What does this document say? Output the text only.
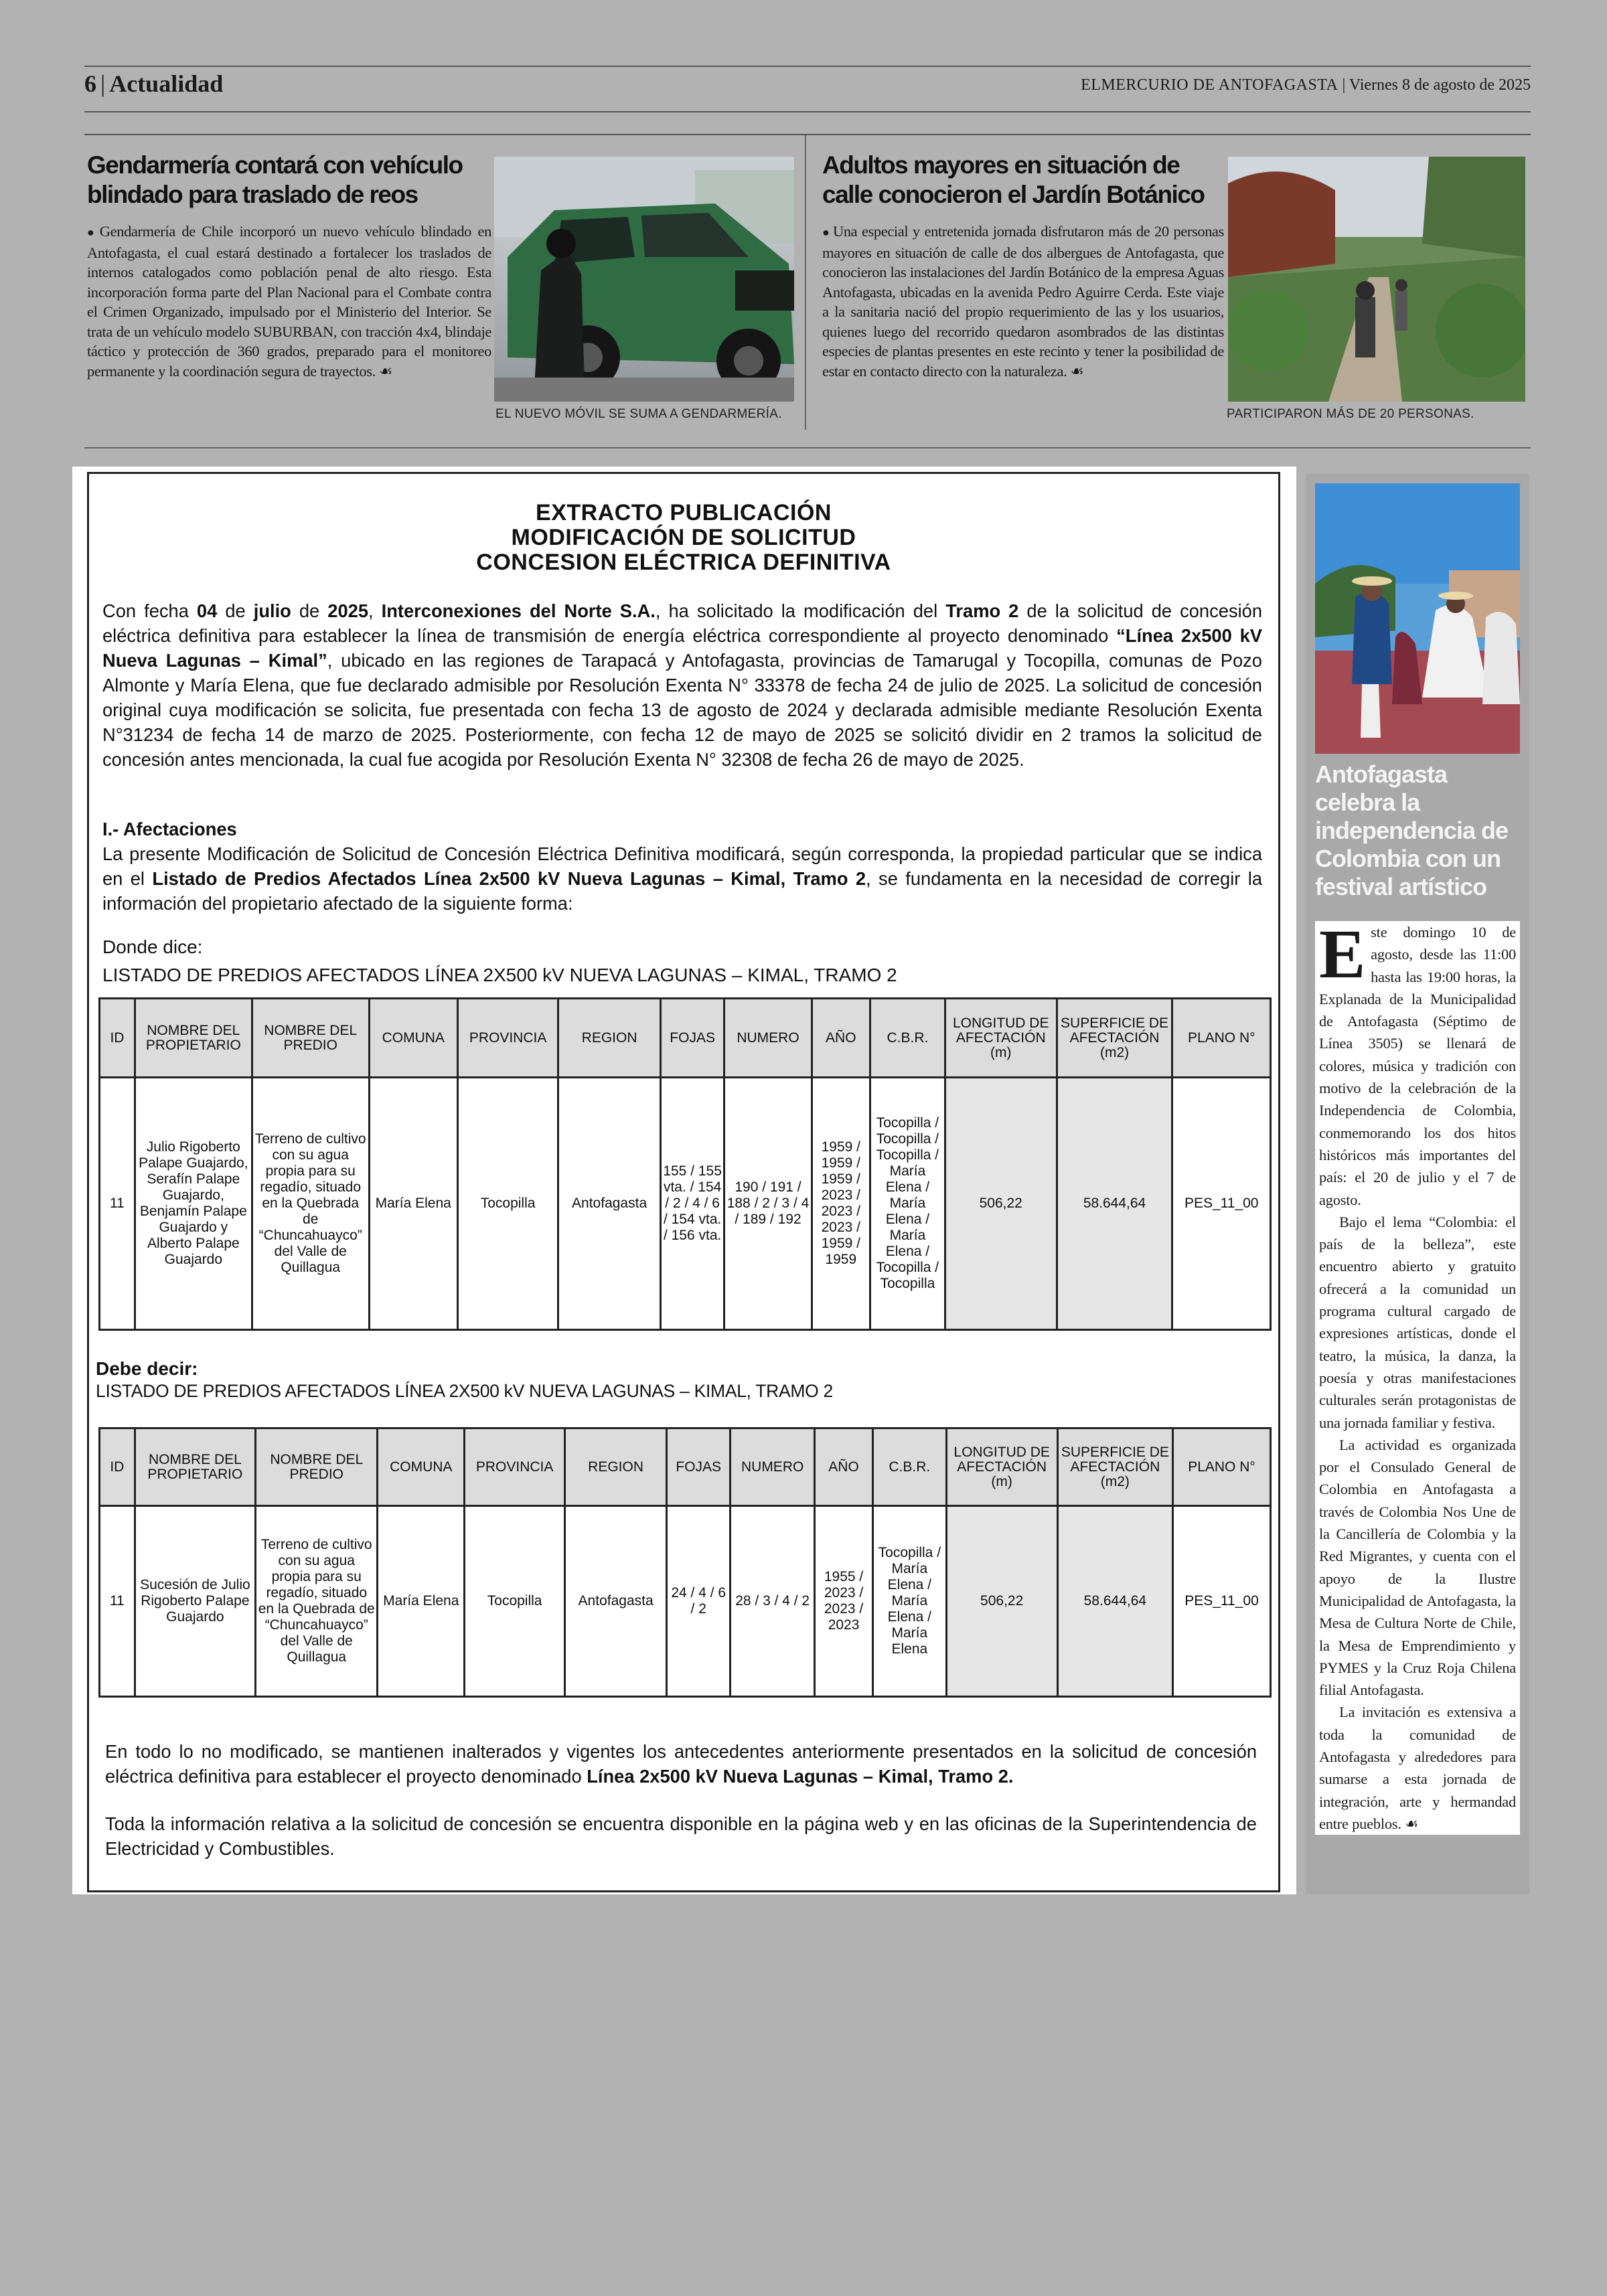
6 | Actualidad	ELMERCURIO DE ANTOFAGASTA | Viernes 8 de agosto de 2025
Gendarmería contará con vehículo
blindado para traslado de reos

● Gendarmería de Chile incorporó un nuevo vehículo blindado en Antofagasta, el cual estará destinado a fortalecer los traslados de internos catalogados como población penal de alto riesgo. Esta incorporación forma parte del Plan Nacional para el Combate contra el Crimen Organizado, impulsado por el Ministerio del Interior. Se trata de un vehículo modelo SUBURBAN, con tracción 4x4, blindaje táctico y protección de 360 grados, preparado para el monitoreo permanente y la coordinación segura de trayectos. ☙

EL NUEVO MÓVIL SE SUMA A GENDARMERÍA.
Adultos mayores en situación de
calle conocieron el Jardín Botánico

● Una especial y entretenida jornada disfrutaron más de 20 personas mayores en situación de calle de dos albergues de Antofagasta, que conocieron las instalaciones del Jardín Botánico de la empresa Aguas Antofagasta, ubicadas en la avenida Pedro Aguirre Cerda. Este viaje a la sanitaria nació del propio requerimiento de las y los usuarios, quienes luego del recorrido quedaron asombrados de las distintas especies de plantas presentes en este recinto y tener la posibilidad de estar en contacto directo con la naturaleza. ☙

PARTICIPARON MÁS DE 20 PERSONAS.
EXTRACTO PUBLICACIÓN
MODIFICACIÓN DE SOLICITUD
CONCESION ELÉCTRICA DEFINITIVA

Con fecha 04 de julio de 2025, Interconexiones del Norte S.A., ha solicitado la modificación del Tramo 2 de la solicitud de concesión eléctrica definitiva para establecer la línea de transmisión de energía eléctrica correspondiente al proyecto denominado “Línea 2x500 kV Nueva Lagunas – Kimal”, ubicado en las regiones de Tarapacá y Antofagasta, provincias de Tamarugal y Tocopilla, comunas de Pozo Almonte y María Elena, que fue declarado admisible por Resolución Exenta N° 33378 de fecha 24 de julio de 2025. La solicitud de concesión original cuya modificación se solicita, fue presentada con fecha 13 de agosto de 2024 y declarada admisible mediante Resolución Exenta N°31234 de fecha 14 de marzo de 2025. Posteriormente, con fecha 12 de mayo de 2025 se solicitó dividir en 2 tramos la solicitud de concesión antes mencionada, la cual fue acogida por Resolución Exenta N° 32308 de fecha 26 de mayo de 2025.

I.- Afectaciones

La presente Modificación de Solicitud de Concesión Eléctrica Definitiva modificará, según corresponda, la propiedad particular que se indica en el Listado de Predios Afectados Línea 2x500 kV Nueva Lagunas – Kimal, Tramo 2, se fundamenta en la necesidad de corregir la información del propietario afectado de la siguiente forma:

Donde dice:
LISTADO DE PREDIOS AFECTADOS LÍNEA 2X500 kV NUEVA LAGUNAS – KIMAL, TRAMO 2
ID	NOMBRE DEL PROPIETARIO	NOMBRE DEL PREDIO	COMUNA	PROVINCIA	REGION	FOJAS	NUMERO	AÑO	C.B.R.	LONGITUD DE AFECTACIÓN (m)	SUPERFICIE DE AFECTACIÓN (m2)	PLANO N°
11	Julio Rigoberto Palape Guajardo, Serafín Palape Guajardo, Benjamín Palape Guajardo y Alberto Palape Guajardo	Terreno de cultivo con su agua propia para su regadío, situado en la Quebrada de “Chuncahuayco” del Valle de Quillagua	María Elena	Tocopilla	Antofagasta	155 / 155 vta. / 154 / 2 / 4 / 6 / 154 vta. / 156 vta.	190 / 191 / 188 / 2 / 3 / 4 / 189 / 192	1959 / 1959 / 1959 / 2023 / 2023 / 2023 / 1959 / 1959	Tocopilla / Tocopilla / Tocopilla / María Elena / María Elena / María Elena / Tocopilla / Tocopilla	506,22	58.644,64	PES_11_00
Debe decir:
LISTADO DE PREDIOS AFECTADOS LÍNEA 2X500 kV NUEVA LAGUNAS – KIMAL, TRAMO 2
ID	NOMBRE DEL PROPIETARIO	NOMBRE DEL PREDIO	COMUNA	PROVINCIA	REGION	FOJAS	NUMERO	AÑO	C.B.R.	LONGITUD DE AFECTACIÓN (m)	SUPERFICIE DE AFECTACIÓN (m2)	PLANO N°
11	Sucesión de Julio Rigoberto Palape Guajardo	Terreno de cultivo con su agua propia para su regadío, situado en la Quebrada de “Chuncahuayco” del Valle de Quillagua	María Elena	Tocopilla	Antofagasta	24 / 4 / 6 / 2	28 / 3 / 4 / 2	1955 / 2023 / 2023 / 2023	Tocopilla / María Elena / María Elena / María Elena	506,22	58.644,64	PES_11_00

En todo lo no modificado, se mantienen inalterados y vigentes los antecedentes anteriormente presentados en la solicitud de concesión eléctrica definitiva para establecer el proyecto denominado Línea 2x500 kV Nueva Lagunas – Kimal, Tramo 2.

Toda la información relativa a la solicitud de concesión se encuentra disponible en la página web y en las oficinas de la Superintendencia de Electricidad y Combustibles.
Antofagasta celebra la independencia de Colombia con un festival artístico

Este domingo 10 de agosto, desde las 11:00 hasta las 19:00 horas, la Explanada de la Municipalidad de Antofagasta (Séptimo de Línea 3505) se llenará de colores, música y tradición con motivo de la celebración de la Independencia de Colombia, conmemorando los dos hitos históricos más importantes del país: el 20 de julio y el 7 de agosto.

Bajo el lema “Colombia: el país de la belleza”, este encuentro abierto y gratuito ofrecerá a la comunidad un programa cultural cargado de expresiones artísticas, donde el teatro, la música, la danza, la poesía y otras manifestaciones culturales serán protagonistas de una jornada familiar y festiva.

La actividad es organizada por el Consulado General de Colombia en Antofagasta a través de Colombia Nos Une de la Cancillería de Colombia y la Red Migrantes, y cuenta con el apoyo de la Ilustre Municipalidad de Antofagasta, la Mesa de Cultura Norte de Chile, la Mesa de Emprendimiento y PYMES y la Cruz Roja Chilena filial Antofagasta.

La invitación es extensiva a toda la comunidad de Antofagasta y alrededores para sumarse a esta jornada de integración, arte y hermandad entre pueblos. ☙
